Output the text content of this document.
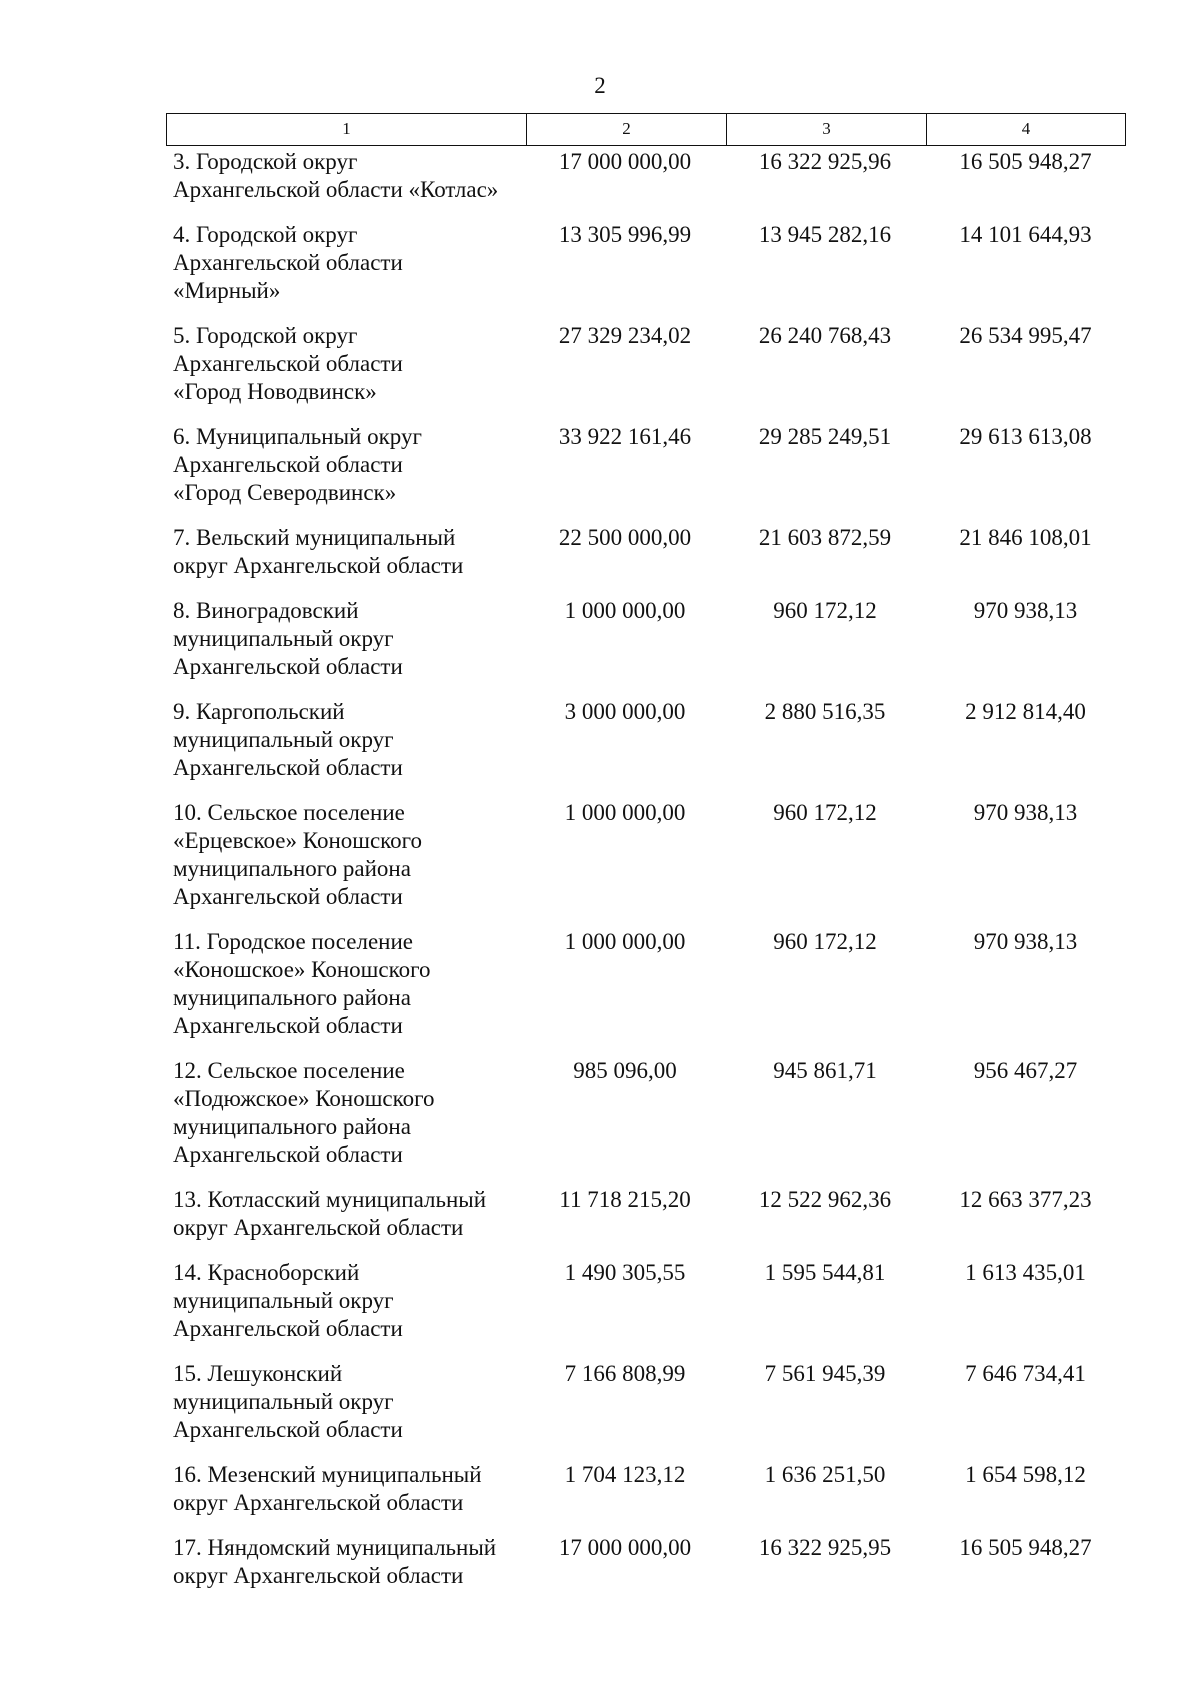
2
1	2	3	4
3. Городской округ
Архангельской области «Котлас»
17 000 000,00	16 322 925,96	16 505 948,27
4. Городской округ
Архангельской области
«Мирный»
13 305 996,99	13 945 282,16	14 101 644,93
5. Городской округ
Архангельской области
«Город Новодвинск»
27 329 234,02	26 240 768,43	26 534 995,47
6. Муниципальный округ
Архангельской области
«Город Северодвинск»
33 922 161,46	29 285 249,51	29 613 613,08
7. Вельский муниципальный
округ Архангельской области
22 500 000,00	21 603 872,59	21 846 108,01
8. Виноградовский
муниципальный округ
Архангельской области
1 000 000,00	960 172,12	970 938,13
9. Каргопольский
муниципальный округ
Архангельской области
3 000 000,00	2 880 516,35	2 912 814,40
10. Сельское поселение
«Ерцевское» Коношского
муниципального района
Архангельской области
1 000 000,00	960 172,12	970 938,13
11. Городское поселение
«Коношское» Коношского
муниципального района
Архангельской области
1 000 000,00	960 172,12	970 938,13
12. Сельское поселение
«Подюжское» Коношского
муниципального района
Архангельской области
985 096,00	945 861,71	956 467,27
13. Котласский муниципальный
округ Архангельской области
11 718 215,20	12 522 962,36	12 663 377,23
14. Красноборский
муниципальный округ
Архангельской области
1 490 305,55	1 595 544,81	1 613 435,01
15. Лешуконский
муниципальный округ
Архангельской области
7 166 808,99	7 561 945,39	7 646 734,41
16. Мезенский муниципальный
округ Архангельской области
1 704 123,12	1 636 251,50	1 654 598,12
17. Няндомский муниципальный
округ Архангельской области
17 000 000,00	16 322 925,95	16 505 948,27
